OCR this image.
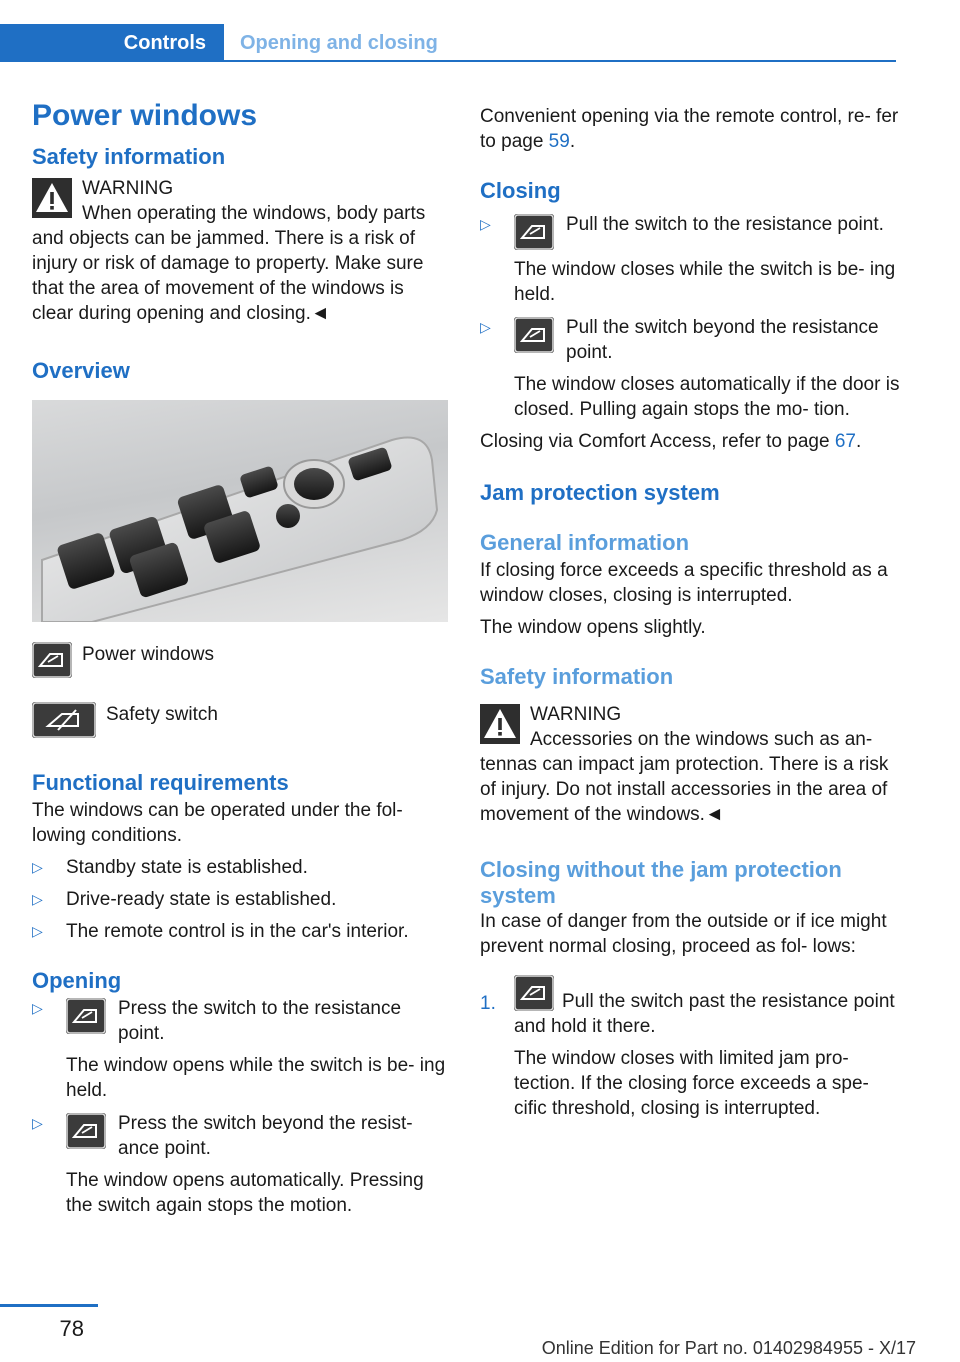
Controls	Opening and closing
Power windows
Safety information
WARNING

When operating the windows, body parts and objects can be jammed. There is a risk of injury or risk of damage to property. Make sure that the area of movement of the windows is clear during opening and closing.◄

Overview
Power windows
Safety switch
Functional requirements

The windows can be operated under the fol‐ lowing conditions.

▷ Standby state is established.
▷ Drive-ready state is established.
▷ The remote control is in the car's interior.
Opening
▷	Press the switch to the resistance point.

The window opens while the switch is be‐ ing held.

▷	Press the switch beyond the resist‐ ance point.

The window opens automatically. Pressing the switch again stops the motion.

Convenient opening via the remote control, re‐ fer to page 59.

Closing
▷	Pull the switch to the resistance point.

The window closes while the switch is be‐ ing held.

▷	Pull the switch beyond the resistance point.

The window closes automatically if the door is closed. Pulling again stops the mo‐ tion.

Closing via Comfort Access, refer to page 67.

Jam protection system
General information

If closing force exceeds a specific threshold as a window closes, closing is interrupted.

The window opens slightly.

Safety information
WARNING

Accessories on the windows such as an‐ tennas can impact jam protection. There is a risk of injury. Do not install accessories in the area of movement of the windows.◄

Closing without the jam protection system

In case of danger from the outside or if ice might prevent normal closing, proceed as fol‐ lows:

1.	Pull the switch past the resistance point and hold it there.

The window closes with limited jam pro‐ tection. If the closing force exceeds a spe‐ cific threshold, closing is interrupted.

78
Online Edition for Part no. 01402984955 - X/17
